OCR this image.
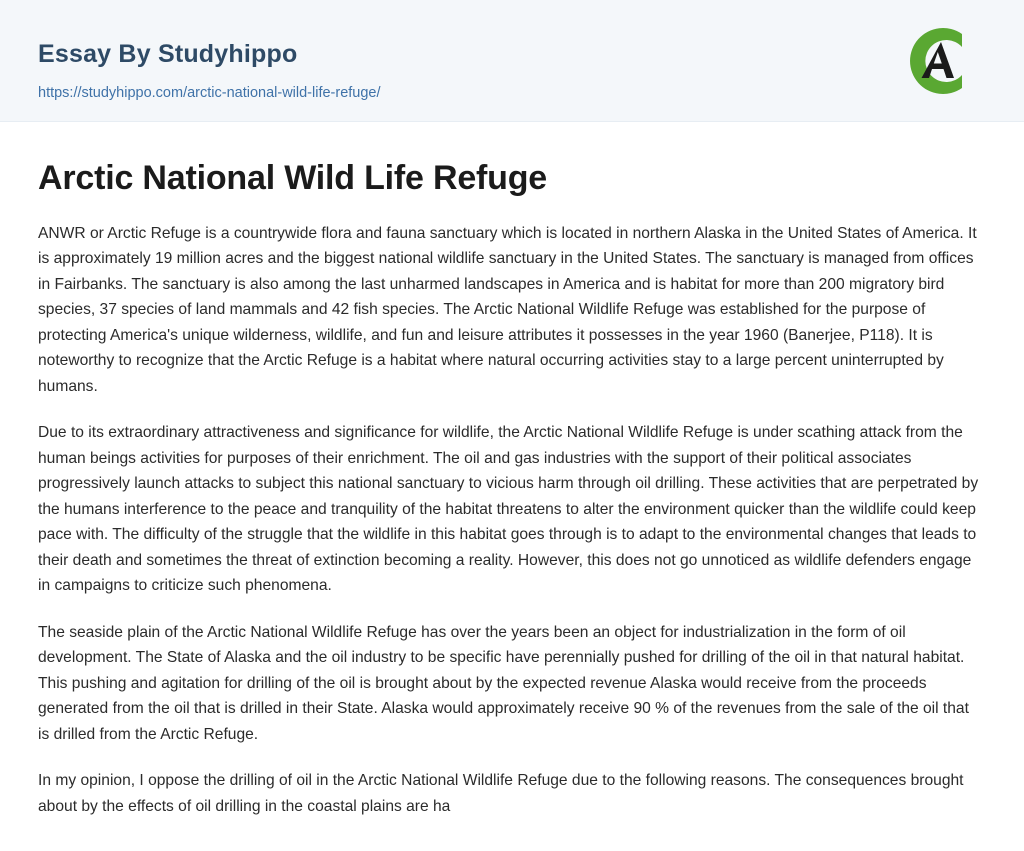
Essay By Studyhippo
https://studyhippo.com/arctic-national-wild-life-refuge/
Arctic National Wild Life Refuge

ANWR or Arctic Refuge is a countrywide flora and fauna sanctuary which is located in northern Alaska in the United States of America. It is approximately 19 million acres and the biggest national wildlife sanctuary in the United States. The sanctuary is managed from offices in Fairbanks. The sanctuary is also among the last unharmed landscapes in America and is habitat for more than 200 migratory bird species, 37 species of land mammals and 42 fish species. The Arctic National Wildlife Refuge was established for the purpose of protecting America's unique wilderness, wildlife, and fun and leisure attributes it possesses in the year 1960 (Banerjee, P118). It is noteworthy to recognize that the Arctic Refuge is a habitat where natural occurring activities stay to a large percent uninterrupted by humans.

Due to its extraordinary attractiveness and significance for wildlife, the Arctic National Wildlife Refuge is under scathing attack from the human beings activities for purposes of their enrichment. The oil and gas industries with the support of their political associates progressively launch attacks to subject this national sanctuary to vicious harm through oil drilling. These activities that are perpetrated by the humans interference to the peace and tranquility of the habitat threatens to alter the environment quicker than the wildlife could keep pace with. The difficulty of the struggle that the wildlife in this habitat goes through is to adapt to the environmental changes that leads to their death and sometimes the threat of extinction becoming a reality. However, this does not go unnoticed as wildlife defenders engage in campaigns to criticize such phenomena.

The seaside plain of the Arctic National Wildlife Refuge has over the years been an object for industrialization in the form of oil development. The State of Alaska and the oil industry to be specific have perennially pushed for drilling of the oil in that natural habitat. This pushing and agitation for drilling of the oil is brought about by the expected revenue Alaska would receive from the proceeds generated from the oil that is drilled in their State. Alaska would approximately receive 90 % of the revenues from the sale of the oil that is drilled from the Arctic Refuge.

In my opinion, I oppose the drilling of oil in the Arctic National Wildlife Refuge due to the following reasons. The consequences brought about by the effects of oil drilling in the coastal plains are ha
